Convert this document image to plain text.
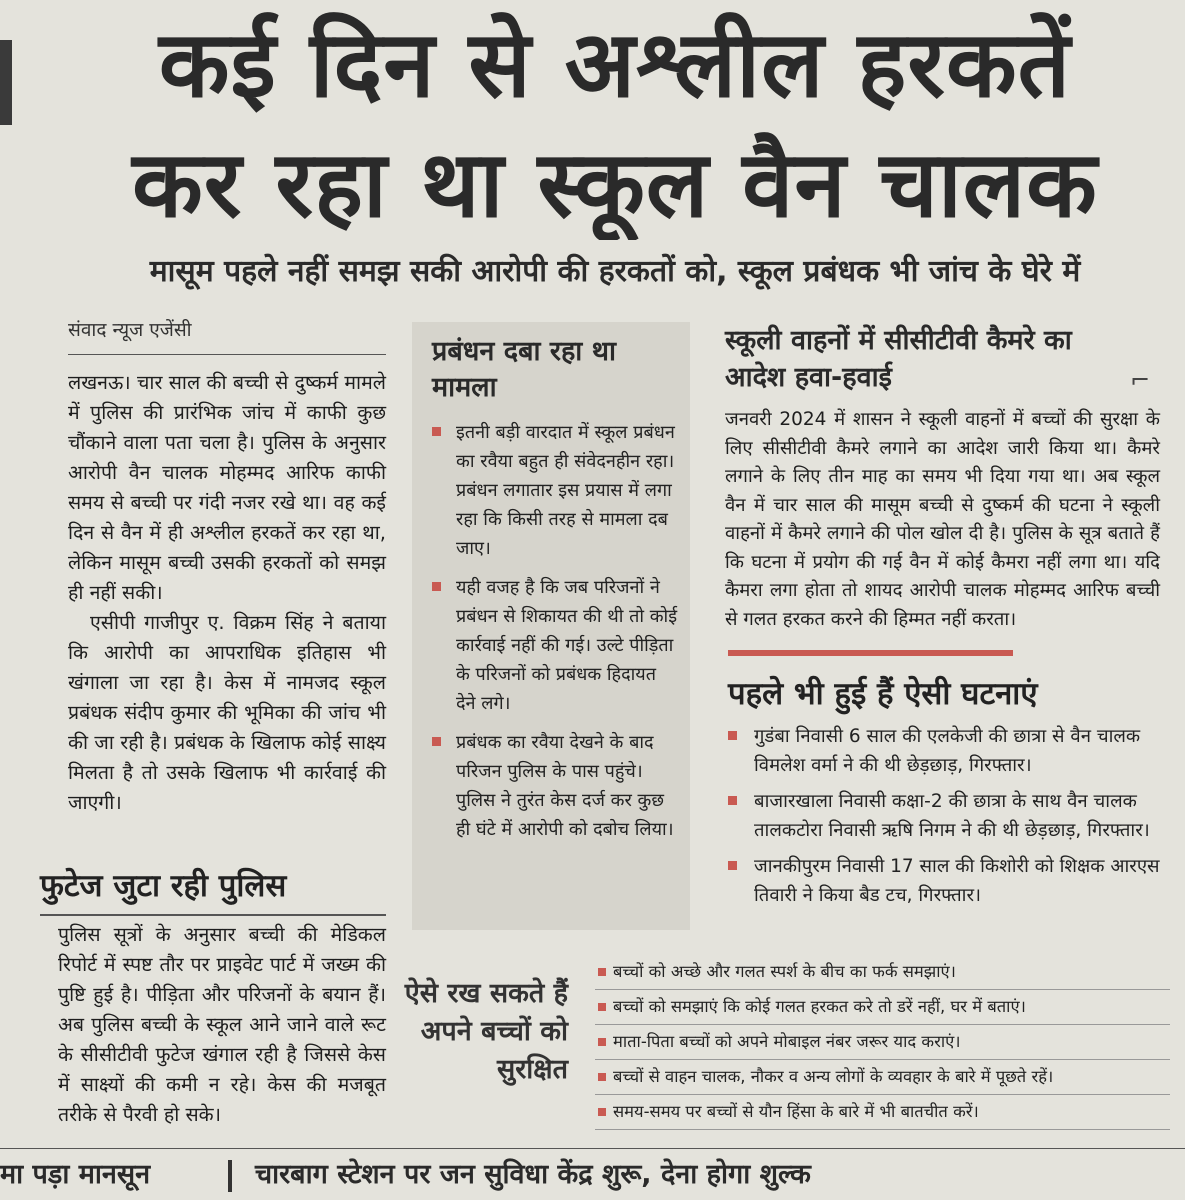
कई दिन से अश्लील हरकतें
कर रहा था स्कूल वैन चालक
मासूम पहले नहीं समझ सकी आरोपी की हरकतों को, स्कूल प्रबंधक भी जांच के घेरे में
संवाद न्यूज एजेंसी

लखनऊ। चार साल की बच्ची से दुष्कर्म मामले में पुलिस की प्रारंभिक जांच में काफी कुछ चौंकाने वाला पता चला है। पुलिस के अनुसार आरोपी वैन चालक मोहम्मद आरिफ काफी समय से बच्ची पर गंदी नजर रखे था। वह कई दिन से वैन में ही अश्लील हरकतें कर रहा था, लेकिन मासूम बच्ची उसकी हरकतों को समझ ही नहीं सकी।

एसीपी गाजीपुर ए. विक्रम सिंह ने बताया कि आरोपी का आपराधिक इतिहास भी खंगाला जा रहा है। केस में नामजद स्कूल प्रबंधक संदीप कुमार की भूमिका की जांच भी की जा रही है। प्रबंधक के खिलाफ कोई साक्ष्य मिलता है तो उसके खिलाफ भी कार्रवाई की जाएगी।

फुटेज जुटा रही पुलिस
पुलिस सूत्रों के अनुसार बच्ची की मेडिकल रिपोर्ट में स्पष्ट तौर पर प्राइवेट पार्ट में जख्म की पुष्टि हुई है। पीड़िता और परिजनों के बयान हैं। अब पुलिस बच्ची के स्कूल आने जाने वाले रूट के सीसीटीवी फुटेज खंगाल रही है जिससे केस में साक्ष्यों की कमी न रहे। केस की मजबूत तरीके से पैरवी हो सके।
प्रबंधन दबा रहा था मामला
इतनी बड़ी वारदात में स्कूल प्रबंधन का रवैया बहुत ही संवेदनहीन रहा। प्रबंधन लगातार इस प्रयास में लगा रहा कि किसी तरह से मामला दब जाए।
यही वजह है कि जब परिजनों ने प्रबंधन से शिकायत की थी तो कोई कार्रवाई नहीं की गई। उल्टे पीड़िता के परिजनों को प्रबंधक हिदायत देने लगे।
प्रबंधक का रवैया देखने के बाद परिजन पुलिस के पास पहुंचे। पुलिस ने तुरंत केस दर्ज कर कुछ ही घंटे में आरोपी को दबोच लिया।
स्कूली वाहनों में सीसीटीवी कैमरे का आदेश हवा-हवाई	⌐
जनवरी 2024 में शासन ने स्कूली वाहनों में बच्चों की सुरक्षा के लिए सीसीटीवी कैमरे लगाने का आदेश जारी किया था। कैमरे लगाने के लिए तीन माह का समय भी दिया गया था। अब स्कूल वैन में चार साल की मासूम बच्ची से दुष्कर्म की घटना ने स्कूली वाहनों में कैमरे लगाने की पोल खोल दी है। पुलिस के सूत्र बताते हैं कि घटना में प्रयोग की गई वैन में कोई कैमरा नहीं लगा था। यदि कैमरा लगा होता तो शायद आरोपी चालक मोहम्मद आरिफ बच्ची से गलत हरकत करने की हिम्मत नहीं करता।
पहले भी हुई हैं ऐसी घटनाएं
गुडंबा निवासी 6 साल की एलकेजी की छात्रा से वैन चालक विमलेश वर्मा ने की थी छेड़छाड़, गिरफ्तार।
बाजारखाला निवासी कक्षा-2 की छात्रा के साथ वैन चालक तालकटोरा निवासी ऋषि निगम ने की थी छेड़छाड़, गिरफ्तार।
जानकीपुरम निवासी 17 साल की किशोरी को शिक्षक आरएस तिवारी ने किया बैड टच, गिरफ्तार।
ऐसे रख सकते हैं अपने बच्चों को सुरक्षित
बच्चों को अच्छे और गलत स्पर्श के बीच का फर्क समझाएं।
बच्चों को समझाएं कि कोई गलत हरकत करे तो डरें नहीं, घर में बताएं।
माता-पिता बच्चों को अपने मोबाइल नंबर जरूर याद कराएं।
बच्चों से वाहन चालक, नौकर व अन्य लोगों के व्यवहार के बारे में पूछते रहें।
समय-समय पर बच्चों से यौन हिंसा के बारे में भी बातचीत करें।
मा पड़ा मानसून	चारबाग स्टेशन पर जन सुविधा केंद्र शुरू, देना होगा शुल्क
